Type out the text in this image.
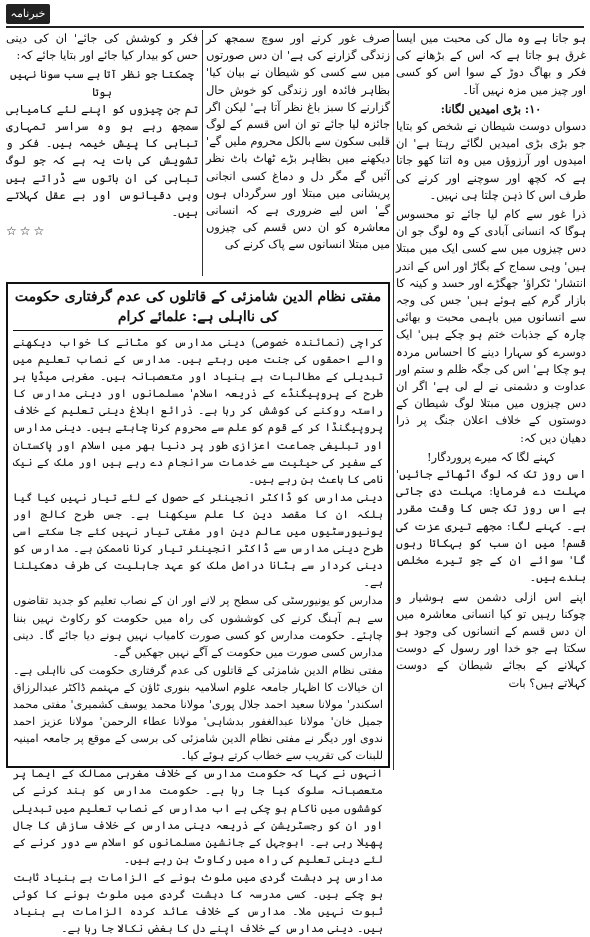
خبرنامہ

ہو جاتا ہے وہ مال کی محبت میں ایسا غرق ہو جاتا ہے کہ اس کے بڑھانے کی فکر و بھاگ دوڑ کے سوا اس کو کسی اور چیز میں مزہ نہیں آتا۔

۱۰: بڑی امیدیں لگانا:

دسواں دوست شیطان نے شخص کو بتایا جو بڑی بڑی امیدیں لگائے رہتا ہے' ان امیدوں اور آرزوؤں میں وہ اتنا کھو جاتا ہے کہ کچھ اور سوچنے اور کرنے کی طرف اس کا ذہن چلتا ہی نہیں۔

ذرا غور سے کام لیا جائے تو محسوس ہوگا کہ انسانی آبادی کے وہ لوگ جو ان دس چیزوں میں سے کسی ایک میں مبتلا ہیں' وہی سماج کے بگاڑ اور اس کے اندر انتشار' ٹکراؤ' جھگڑے اور حسد و کینہ کا بازار گرم کیے ہوئے ہیں' جس کی وجہ سے انسانوں میں باہمی محبت و بھائی چارہ کے جذبات ختم ہو چکے ہیں' ایک دوسرے کو سہارا دینے کا احساس مردہ ہو چکا ہے' اس کی جگہ ظلم و ستم اور عداوت و دشمنی نے لے لی ہے' اگر ان دس چیزوں میں مبتلا لوگ شیطان کے دوستوں کے خلاف اعلان جنگ پر ذرا دھیان دیں کہ:

کہنے لگا کہ میرے پروردگار!

اس روز تک کہ لوگ اٹھائے جائیں' مہلت دے فرمایا: مہلت دی جاتی ہے اس روز تک جس کا وقت مقرر ہے۔ کہنے لگا: مجھے تیری عزت کی قسم! میں ان سب کو بہکاتا رہوں گا' سوائے ان کے جو تیرے مخلص بندے ہیں۔

اپنے اس ازلی دشمن سے ہوشیار و چوکنا رہیں تو کیا انسانی معاشرہ میں ان دس قسم کے انسانوں کی وجود ہو سکتا ہے جو خدا اور رسول کے دوست کہلانے کے بجائے شیطان کے دوست کہلاتے ہیں؟ بات

صرف غور کرنے اور سوچ سمجھ کر زندگی گزارنے کی ہے' ان دس صورتوں میں سے کسی کو شیطان نے بیان کیا' بظاہر فائدہ اور زندگی کو خوش حال گزارنے کا سبز باغ نظر آتا ہے' لیکن اگر جائزہ لیا جائے تو ان اس قسم کے لوگ قلبی سکون سے بالکل محروم ملیں گے' دیکھنے میں بظاہر بڑے ٹھاٹ باٹ نظر آئیں گے مگر دل و دماغ کسی انجانی پریشانی میں مبتلا اور سرگرداں ہوں گے' اس لیے ضروری ہے کہ انسانی معاشرہ کو ان دس قسم کی چیزوں میں مبتلا انسانوں سے پاک کرنے کی

فکر و کوشش کی جائے' ان کی دینی حس کو بیدار کیا جائے اور بتایا جائے کہ:

چمکتا جو نظر آتا ہے سب سونا نہیں ہوتا

تم جن چیزوں کو اپنے لئے کامیابی سمجھ رہے ہو وہ سراسر تمہاری تباہی کا پیش خیمہ ہیں۔ فکر و تشویش کی بات یہ ہے کہ جو لوگ تباہی کی ان باتوں سے ڈراتے ہیں وہی دقیانوس اور بے عقل کہلاتے ہیں۔

☆☆☆
مفتی نظام الدین شامزئی کے قاتلوں کی عدم گرفتاری حکومت کی نااہلی ہے: علمائے کرام

کراچی (نمائندہ خصوصی) دینی مدارس کو مٹانے کا خواب دیکھنے والے احمقوں کی جنت میں رہتے ہیں۔ مدارس کے نصاب تعلیم میں تبدیلی کے مطالبات بے بنیاد اور متعصبانہ ہیں۔ مغربی میڈیا ہر طرح کے پروپیگنڈے کے ذریعہ اسلام' مسلمانوں اور دینی مدارس کا راستہ روکنے کی کوشش کر رہا ہے۔ ذرائع ابلاغ دینی تعلیم کے خلاف پروپیگنڈا کر کے قوم کو علم سے محروم کرنا چاہتے ہیں۔ دینی مدارس اور تبلیغی جماعت اعزازی طور پر دنیا بھر میں اسلام اور پاکستان کے سفیر کی حیثیت سے خدمات سرانجام دے رہے ہیں اور ملک کے نیک نامی کا باعث بن رہے ہیں۔

دینی مدارس کو ڈاکٹر انجینئر کے حصول کے لئے تیار نہیں کیا گیا بلکہ ان کا مقصد دین کا علم سیکھنا ہے۔ جس طرح کالج اور یونیورسٹیوں میں عالم دین اور مفتی تیار نہیں کئے جا سکتے اسی طرح دینی مدارس سے ڈاکٹر انجینئر تیار کرنا ناممکن ہے۔ مدارس کو دینی کردار سے ہٹانا دراصل ملک کو عہد جاہلیت کی طرف دھکیلنا ہے۔

مدارس کو یونیورسٹی کی سطح پر لانے اور ان کے نصاب تعلیم کو جدید تقاضوں سے ہم آہنگ کرنے کی کوششوں کی راہ میں حکومت کو رکاوٹ نہیں بننا چاہئے۔ حکومت مدارس کو کسی صورت کامیاب نہیں ہونے دیا جائے گا۔ دینی مدارس کسی صورت میں حکومت کے آگے نہیں جھکیں گے۔

مفتی نظام الدین شامزئی کے قاتلوں کی عدم گرفتاری حکومت کی نااہلی ہے۔ ان خیالات کا اظہار جامعہ علوم اسلامیہ بنوری ٹاؤن کے مہتمم ڈاکٹر عبدالرزاق اسکندر' مولانا سعید احمد جلال پوری' مولانا محمد یوسف کشمیری' مفتی محمد جمیل خان' مولانا عبدالغفور بدشاہی' مولانا عطاء الرحمن' مولانا عزیز احمد ندوی اور دیگر نے مفتی نظام الدین شامزئی کی برسی کے موقع پر جامعہ امینیہ للبنات کی تقریب سے خطاب کرتے ہوئے کیا۔

انہوں نے کہا کہ حکومت مدارس کے خلاف مغربی ممالک کے ایما پر متعصبانہ سلوک کیا جا رہا ہے۔ حکومت مدارس کو بند کرنے کی کوششوں میں ناکام ہو چکی ہے اب مدارس کے نصاب تعلیم میں تبدیلی اور ان کو رجسٹریشن کے ذریعہ دینی مدارس کے خلاف سازش کا جال پھیلا رہی ہے۔ ابوجہل کے جانشین مسلمانوں کو اسلام سے دور کرنے کے لئے دینی تعلیم کی راہ میں رکاوٹ بن رہے ہیں۔

مدارس پر دہشت گردی میں ملوث ہونے کے الزامات بے بنیاد ثابت ہو چکے ہیں۔ کسی مدرسہ کا دہشت گردی میں ملوث ہونے کا کوئی ثبوت نہیں ملا۔ مدارس کے خلاف عائد کردہ الزامات بے بنیاد ہیں۔ دینی مدارس کے خلاف اپنے دل کا بغض نکالا جا رہا ہے۔
